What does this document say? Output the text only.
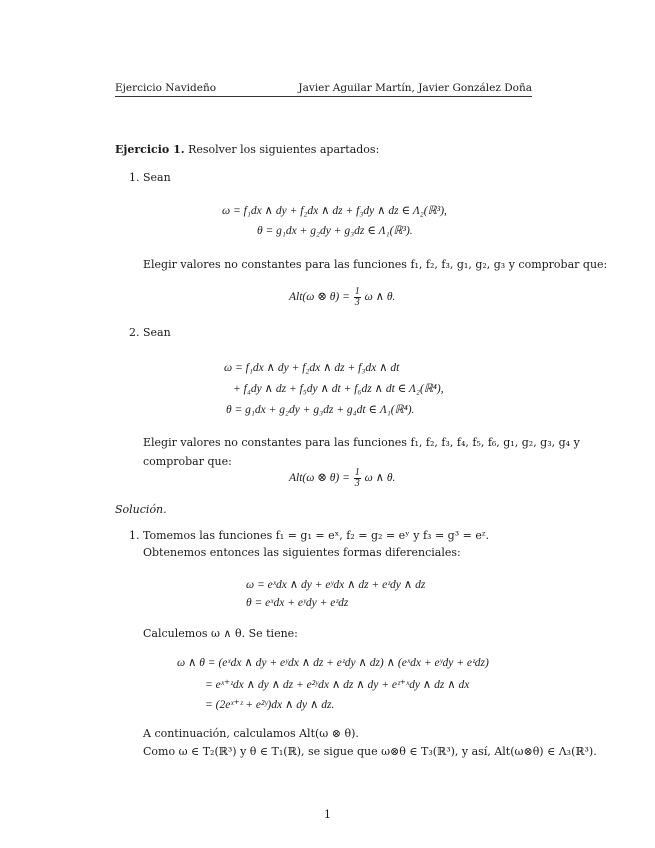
Ejercicio Navideño	Javier Aguilar Martín, Javier González Doña
Ejercicio 1. Resolver los siguientes apartados:
1. Sean
ω = f₁dx ∧ dy + f₂dx ∧ dz + f₃dy ∧ dz ∈ Λ₂(ℝ³),
θ = g₁dx + g₂dy + g₃dz ∈ Λ₁(ℝ³).
Elegir valores no constantes para las funciones f₁, f₂, f₃, g₁, g₂, g₃ y comprobar que:
Alt(ω ⊗ $\theta) = \frac{1}{3}$ ω ∧ θ.
2. Sean
ω = f₁dx ∧ dy + f₂dx ∧ dz + f₃dx ∧ dt
+ f₄dy ∧ dz + f₅dy ∧ dt + f₆dz ∧ dt ∈ Λ₂(ℝ⁴),
θ = g₁dx + g₂dy + g₃dz + g₄dt ∈ Λ₁(ℝ⁴).
Elegir valores no constantes para las funciones f₁, f₂, f₃, f₄, f₅, f₆, g₁, g₂, g₃, g₄ y
comprobar que:
Alt(ω ⊗ $\theta) = \frac{1}{3}$ ω ∧ θ.
Solución.
1. Tomemos las funciones f₁ = g₁ = eˣ, f₂ = g₂ = eʸ y f₃ = g³ = eᶻ.
Obtenemos entonces las siguientes formas diferenciales:
ω = eˣdx ∧ dy + eʸdx ∧ dz + eᶻdy ∧ dz
θ = eˣdx + eʸdy + eᶻdz
Calculemos ω ∧ θ. Se tiene:
ω ∧ θ = (eˣdx ∧ dy + eʸdx ∧ dz + eᶻdy ∧ dz) ∧ (eˣdx + eʸdy + eᶻdz)
= eˣ⁺ᶻdx ∧ dy ∧ dz + e²ʸdx ∧ dz ∧ dy + eᶻ⁺ˣdy ∧ dz ∧ dx
= (2eˣ⁺ᶻ + e²ʸ)dx ∧ dy ∧ dz.
A continuación, calculamos Alt(ω ⊗ θ).
Como ω ∈ T₂(ℝ³) y θ ∈ T₁(ℝ), se sigue que ω⊗θ ∈ T₃(ℝ³), y así, Alt(ω⊗θ) ∈ Λ₃(ℝ³).
1
